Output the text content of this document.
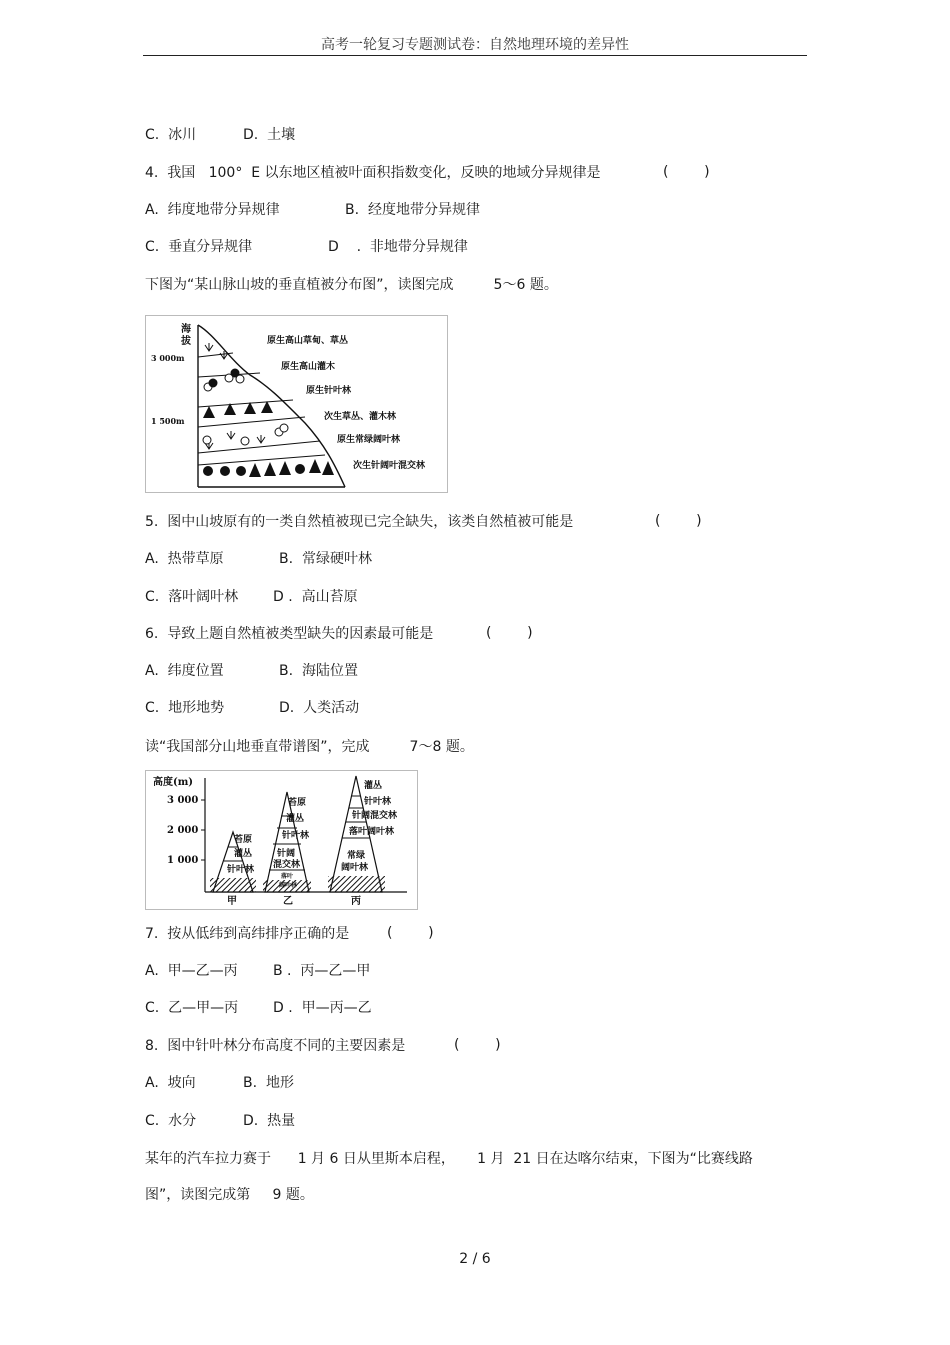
高考一轮复习专题测试卷：自然地理环境的差异性
C.  冰川	D.  土壤
4.  我国   100°  E 以东地区植被叶面积指数变化，反映的地域分异规律是	(        )
A.  纬度地带分异规律	B.  经度地带分异规律
C.  垂直分异规律	D    .  非地带分异规律
下图为“某山脉山坡的垂直植被分布图”，读图完成         5～6 题。
海
拔
3 000m
1 500m
原生高山草甸、草丛
原生高山灌木
原生针叶林
次生草丛、灌木林
原生常绿阔叶林
次生针阔叶混交林
5.  图中山坡原有的一类自然植被现已完全缺失，该类自然植被可能是	(        )
A.  热带草原	B.  常绿硬叶林
C.  落叶阔叶林 D .  高山苔原
6.  导致上题自然植被类型缺失的因素最可能是	(        )
A.  纬度位置	B.  海陆位置
C.  地形地势	D.  人类活动
读“我国部分山地垂直带谱图”，完成         7～8 题。
高度(m)
3 000
2 000
1 000
苔原
灌丛
针叶林
甲
苔原
灌丛
针叶林
针阔
混交林
落叶
阔叶林
乙
灌丛
针叶林
针阔混交林
落叶阔叶林
常绿
阔叶林
丙
7.  按从低纬到高纬排序正确的是	(        )
A.  甲—乙—丙	B .  丙—乙—甲
C.  乙—甲—丙 D .  甲—丙—乙
8.  图中针叶林分布高度不同的主要因素是	(        )
A.  坡向	B.  地形
C.  水分	D.  热量
某年的汽车拉力赛于      1 月 6 日从里斯本启程，     1 月  21 日在达喀尔结束，下图为“比赛线路
图”，读图完成第     9 题。
2 / 6
